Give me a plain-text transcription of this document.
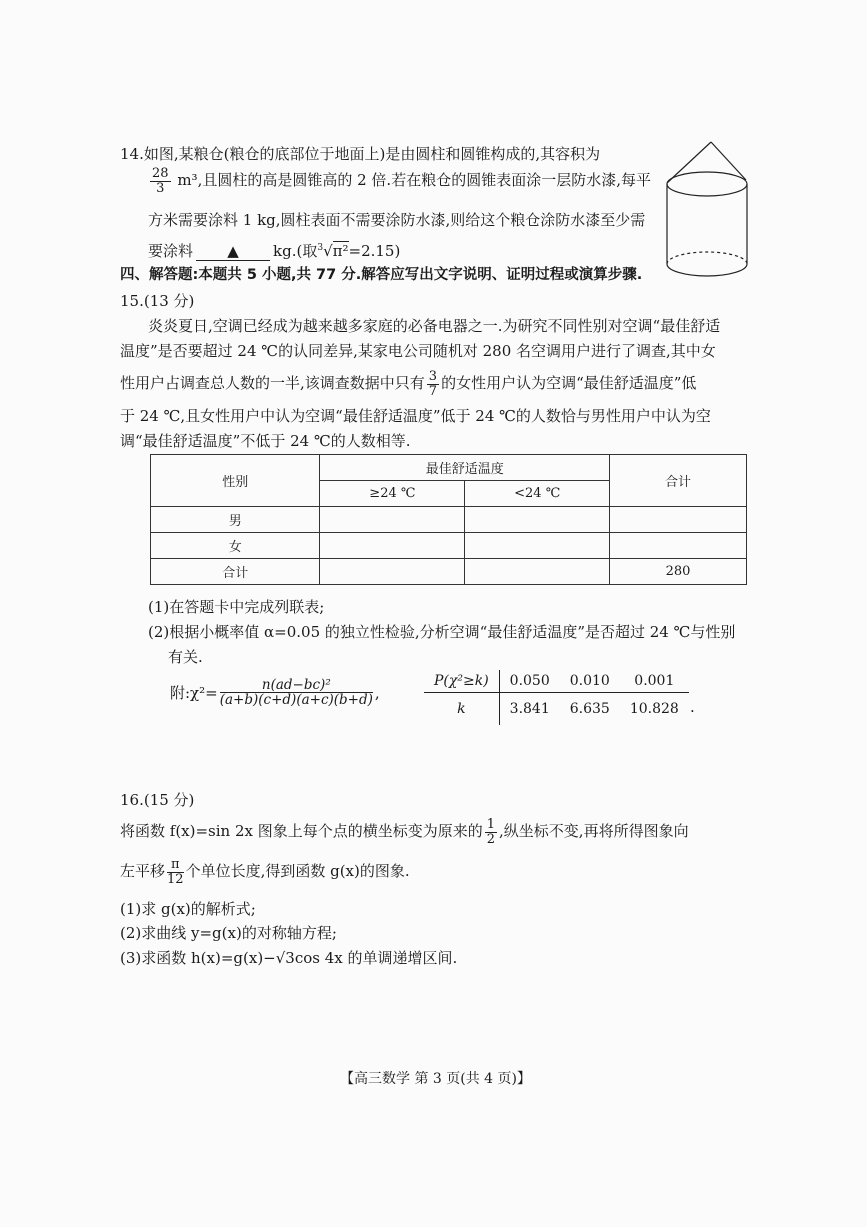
14.如图,某粮仓(粮仓的底部位于地面上)是由圆柱和圆锥构成的,其容积为
$\frac{28}{3} m^3$,且圆柱的高是圆锥高的 2 倍.若在粮仓的圆锥表面涂一层防水漆,每平
方米需要涂料 1 kg,圆柱表面不需要涂防水漆,则给这个粮仓涂防水漆至少需
要涂料 ▲ kg.(取$^3$√π²=2.15)
四、解答题:本题共 5 小题,共 77 分.解答应写出文字说明、证明过程或演算步骤.
15.(13 分)
炎炎夏日,空调已经成为越来越多家庭的必备电器之一.为研究不同性别对空调“最佳舒适
温度”是否要超过 24 ℃的认同差异,某家电公司随机对 280 名空调用户进行了调查,其中女
性用户占调查总人数的一半,该调查数据中只有 $\frac{3}{7}$ 的女性用户认为空调“最佳舒适温度”低
于 24 ℃,且女性用户中认为空调“最佳舒适温度”低于 24 ℃的人数恰与男性用户中认为空
调“最佳舒适温度”不低于 24 ℃的人数相等.
性别	最佳舒适温度		合计
	≥24 ℃	<24 ℃	
男			
女			
合计			280
(1)在答题卡中完成列联表;
(2)根据小概率值 α=0.05 的独立性检验,分析空调“最佳舒适温度”是否超过 24 ℃与性别
有关.
附:χ²= $\frac{\text{n(ad−bc)²}}{(a+b)(c+d)(a+c)(b+d)}$ ,
P(χ²≥k)	0.050	0.010	0.001
k	3.841	6.635	10.828 .
16.(15 分)
将函数 f(x)=sin 2x 图象上每个点的横坐标变为原来的 $\frac{1}{2}$ ,纵坐标不变,再将所得图象向
左平移 $\frac{\pi}{12}$ 个单位长度,得到函数 g(x)的图象.
(1)求 g(x)的解析式;
(2)求曲线 y=g(x)的对称轴方程;
(3)求函数 h(x)=g(x)−√3cos 4x 的单调递增区间.
【高三数学 第 3 页(共 4 页)】
